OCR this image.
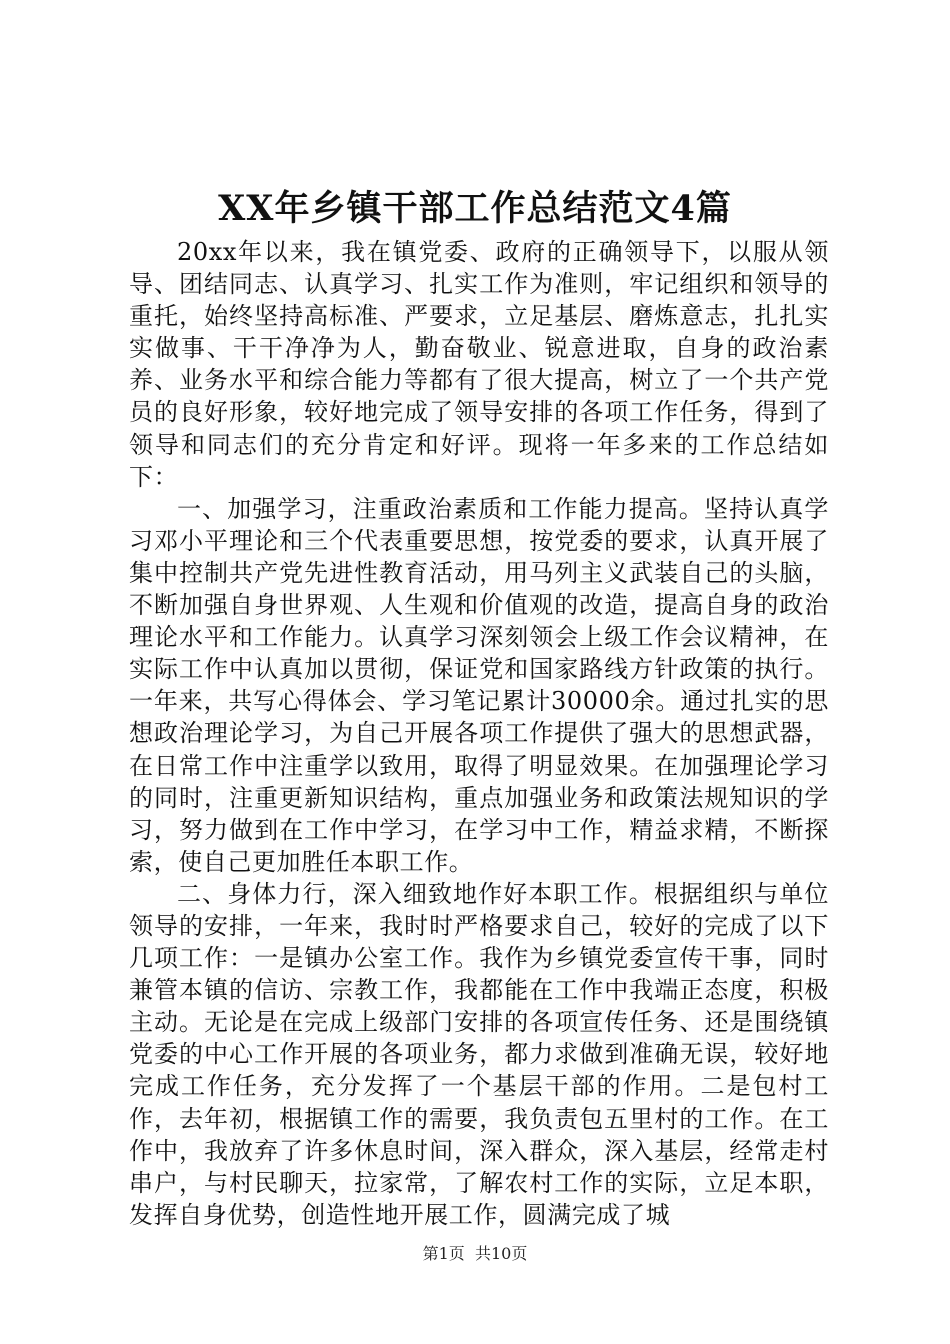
XX年乡镇干部工作总结范文4篇

20xx年以来，我在镇党委、政府的正确领导下，以服从领导、团结同志、认真学习、扎实工作为准则，牢记组织和领导的重托，始终坚持高标准、严要求，立足基层、磨炼意志，扎扎实实做事、干干净净为人，勤奋敬业、锐意进取，自身的政治素养、业务水平和综合能力等都有了很大提高，树立了一个共产党员的良好形象，较好地完成了领导安排的各项工作任务，得到了领导和同志们的充分肯定和好评。现将一年多来的工作总结如下：

一、加强学习，注重政治素质和工作能力提高。坚持认真学习邓小平理论和三个代表重要思想，按党委的要求，认真开展了集中控制共产党先进性教育活动，用马列主义武装自己的头脑，不断加强自身世界观、人生观和价值观的改造，提高自身的政治理论水平和工作能力。认真学习深刻领会上级工作会议精神，在实际工作中认真加以贯彻，保证党和国家路线方针政策的执行。一年来，共写心得体会、学习笔记累计30000余。通过扎实的思想政治理论学习，为自己开展各项工作提供了强大的思想武器，在日常工作中注重学以致用，取得了明显效果。在加强理论学习的同时，注重更新知识结构，重点加强业务和政策法规知识的学习，努力做到在工作中学习，在学习中工作，精益求精，不断探索，使自己更加胜任本职工作。

二、身体力行，深入细致地作好本职工作。根据组织与单位领导的安排，一年来，我时时严格要求自己，较好的完成了以下几项工作：一是镇办公室工作。我作为乡镇党委宣传干事，同时兼管本镇的信访、宗教工作，我都能在工作中我端正态度，积极主动。无论是在完成上级部门安排的各项宣传任务、还是围绕镇党委的中心工作开展的各项业务，都力求做到准确无误，较好地完成工作任务，充分发挥了一个基层干部的作用。二是包村工作，去年初，根据镇工作的需要，我负责包五里村的工作。在工作中，我放弃了许多休息时间，深入群众，深入基层，经常走村串户，与村民聊天，拉家常，了解农村工作的实际，立足本职，发挥自身优势，创造性地开展工作，圆满完成了城

第1页 共10页
